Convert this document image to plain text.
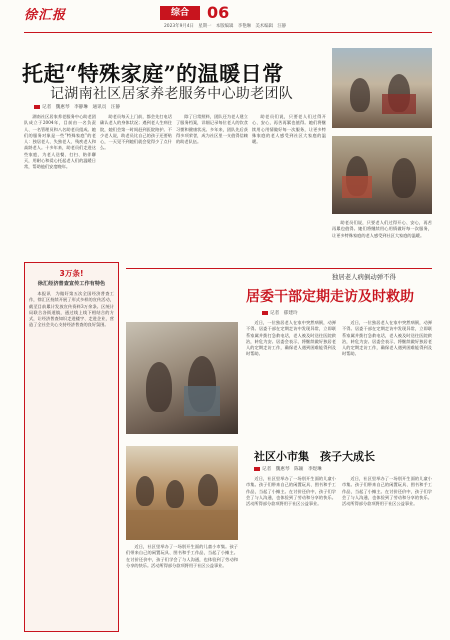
徐汇报	综合	06
2023年9月4日　星期一　本版编辑　李艳琳　美术编辑　汪静
托起“特殊家庭”的温暖日常
记湖南社区居家养老服务中心助老团队
记者　魏惠琴　李静琳　通讯员　汪静

湖南社区居家养老服务中心助老团队成立于2004年，目前由一名负责人、一名管理员和八名助老员组成。她们的服务对象是一些“特殊家庭”的老人：独居老人、失独老人、残疾老人和高龄老人。十多年来，助老员们走进这些家庭，为老人送餐、打扫、陪伴聊天，用耐心和爱心托起老人们的温暖日常，帮助他们安度晚年。

助老员每天上门前，都会先打电话确认老人的身体状况；遇到老人生病住院，她们会第一时间赶到医院陪护。不少老人说，助老员比自己的孩子还要贴心，一天见不到她们就会觉得少了点什么。

除了日常照料，团队还为老人建立了服务档案，详细记录每位老人的饮食习惯和健康状况。多年来，团队先后获得多项荣誉，成为社区里一支值得信赖的助老队伍。

助老员们说，只要老人们过得开心、安心，再苦再累也值得。她们将继续用心用情做好每一次服务，让更多特殊家庭的老人感受到社区大家庭的温暖。

助老员们说，只要老人们过得开心、安心，再苦再累也值得。她们将继续用心用情做好每一次服务，让更多特殊家庭的老人感受到社区大家庭的温暖。

3万条!
徐汇经济普查宣传工作有特色

本报讯　为做好第五次全国经济普查工作，徐汇区持续开展了形式多样的宣传活动，截至目前累计发放宣传资料3万余条。区统计局联合各街道镇，通过线上线下相结合的方式，让经济普查知识走进楼宇、走进企业，营造了全社会关心支持经济普查的良好氛围。

独居老人病倒动弹不得
居委干部定期走访及时救助
记者　郁建玲

近日，一位独居老人在家中突然病倒，动弹不得。居委干部在定期走访中发现异常，立即联系家属并拨打急救电话，老人被及时送往医院救治，转危为安。居委会表示，将继续做好独居老人的定期走访工作，确保老人遇到困难能得到及时帮助。

近日，一位独居老人在家中突然病倒，动弹不得。居委干部在定期走访中发现异常，立即联系家属并拨打急救电话，老人被及时送往医院救治，转危为安。居委会表示，将继续做好独居老人的定期走访工作，确保老人遇到困难能得到及时帮助。

社区小市集　孩子大成长
记者　魏惠琴　陈颖　李煜琳

近日，社区里举办了一场别开生面的儿童小市集。孩子们带来自己的闲置玩具、图书和手工作品，当起了小摊主。在讨价还价中，孩子们学会了与人沟通，也体验到了劳动和分享的快乐。活动所得部分款项将用于社区公益事业。

近日，社区里举办了一场别开生面的儿童小市集。孩子们带来自己的闲置玩具、图书和手工作品，当起了小摊主。在讨价还价中，孩子们学会了与人沟通，也体验到了劳动和分享的快乐。活动所得部分款项将用于社区公益事业。

近日，社区里举办了一场别开生面的儿童小市集。孩子们带来自己的闲置玩具、图书和手工作品，当起了小摊主。在讨价还价中，孩子们学会了与人沟通，也体验到了劳动和分享的快乐。活动所得部分款项将用于社区公益事业。
